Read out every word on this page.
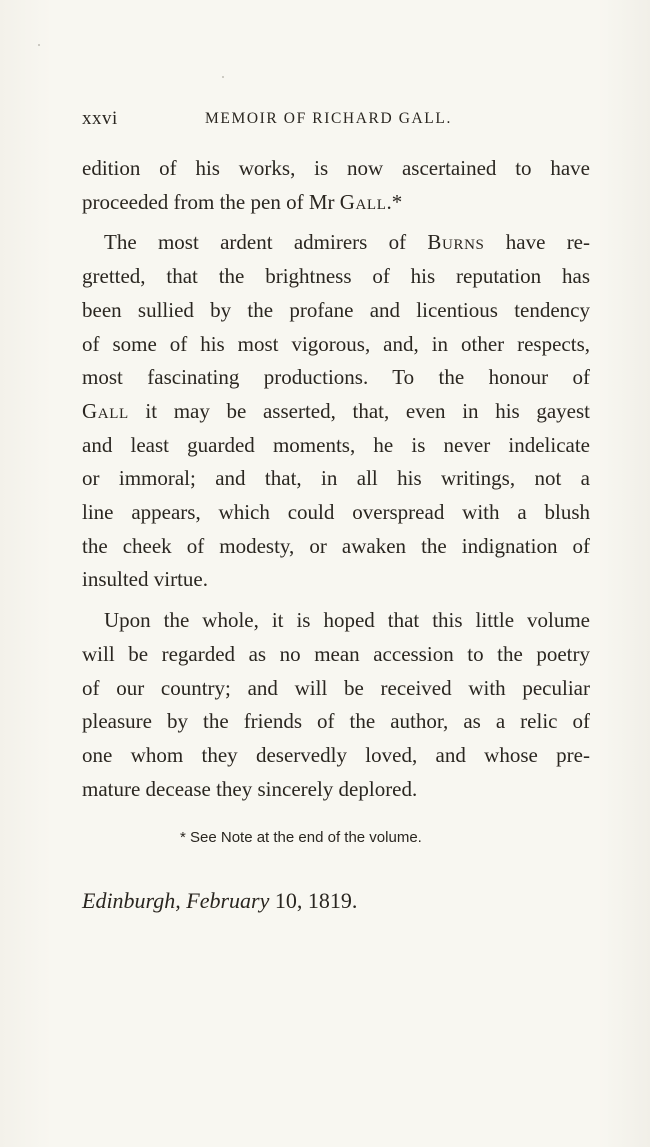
xxvi	MEMOIR OF RICHARD GALL.
edition of his works, is now ascertained to have
proceeded from the pen of Mr Gall.*
The most ardent admirers of Burns have re-
gretted, that the brightness of his reputation has
been sullied by the profane and licentious tendency
of some of his most vigorous, and, in other respects,
most fascinating productions. To the honour of
Gall it may be asserted, that, even in his gayest
and least guarded moments, he is never indelicate
or immoral; and that, in all his writings, not a
line appears, which could overspread with a blush
the cheek of modesty, or awaken the indignation of
insulted virtue.
Upon the whole, it is hoped that this little volume
will be regarded as no mean accession to the poetry
of our country; and will be received with peculiar
pleasure by the friends of the author, as a relic of
one whom they deservedly loved, and whose pre-
mature decease they sincerely deplored.
* See Note at the end of the volume.
Edinburgh, February 10, 1819.
